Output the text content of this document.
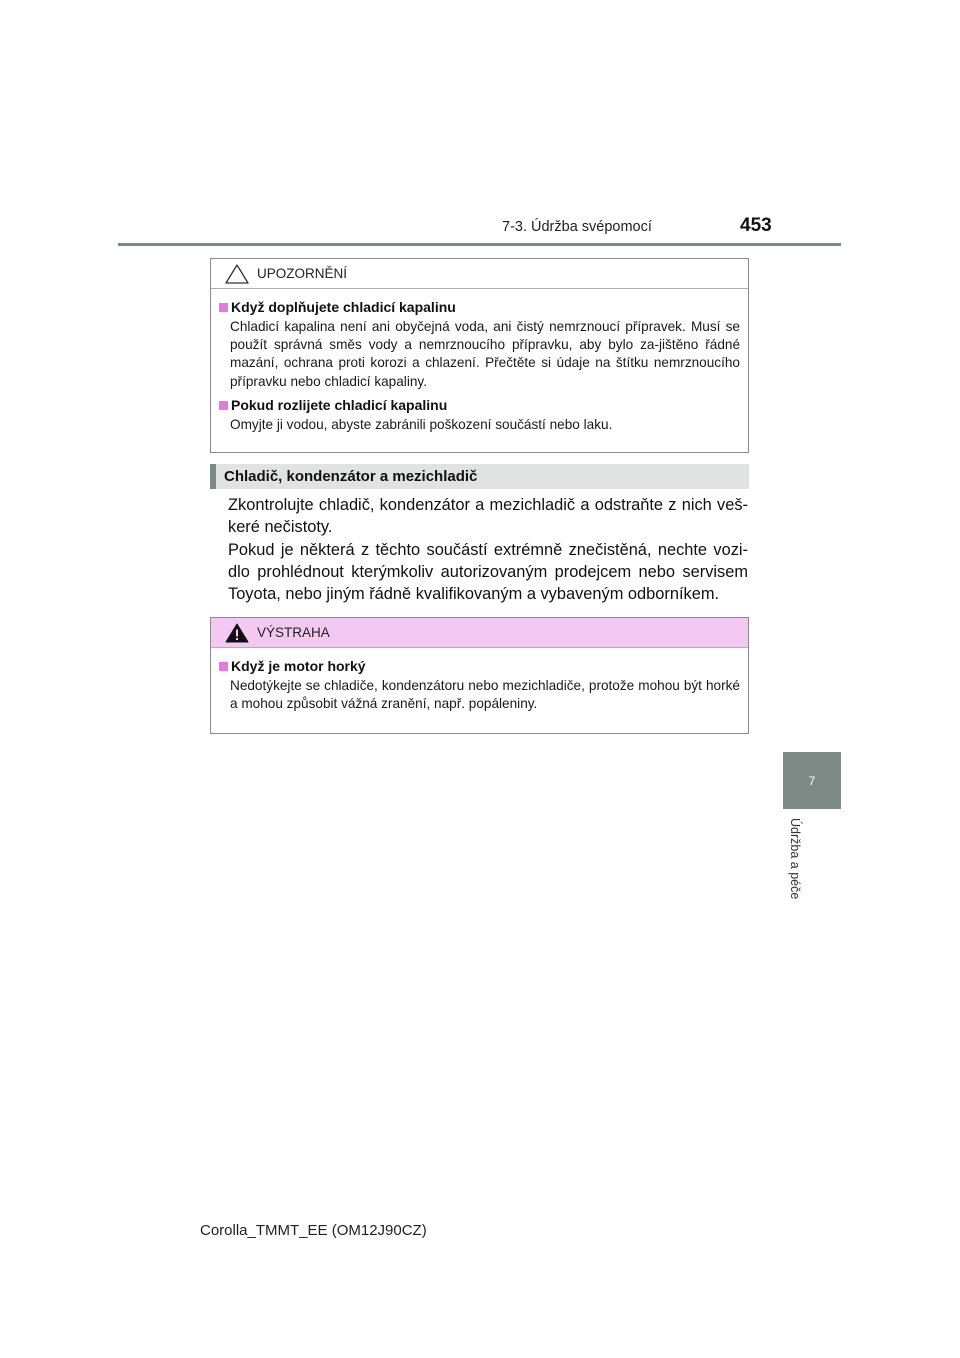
7-3. Údržba svépomocí	453
7
Údržba a péče
UPOZORNĚNÍ
Když doplňujete chladicí kapalinu
Chladicí kapalina není ani obyčejná voda, ani čistý nemrznoucí přípravek. Musí se použít správná směs vody a nemrznoucího přípravku, aby bylo za-jištěno řádné mazání, ochrana proti korozi a chlazení. Přečtěte si údaje na štítku nemrznoucího přípravku nebo chladicí kapaliny.
Pokud rozlijete chladicí kapalinu
Omyjte ji vodou, abyste zabránili poškození součástí nebo laku.
Chladič, kondenzátor a mezichladič
Zkontrolujte chladič, kondenzátor a mezichladič a odstraňte z nich veš-keré nečistoty.
Pokud je některá z těchto součástí extrémně znečistěná, nechte vozi-dlo prohlédnout kterýmkoliv autorizovaným prodejcem nebo servisem Toyota, nebo jiným řádně kvalifikovaným a vybaveným odborníkem.
VÝSTRAHA
Když je motor horký
Nedotýkejte se chladiče, kondenzátoru nebo mezichladiče, protože mohou být horké a mohou způsobit vážná zranění, např. popáleniny.
Corolla_TMMT_EE (OM12J90CZ)
